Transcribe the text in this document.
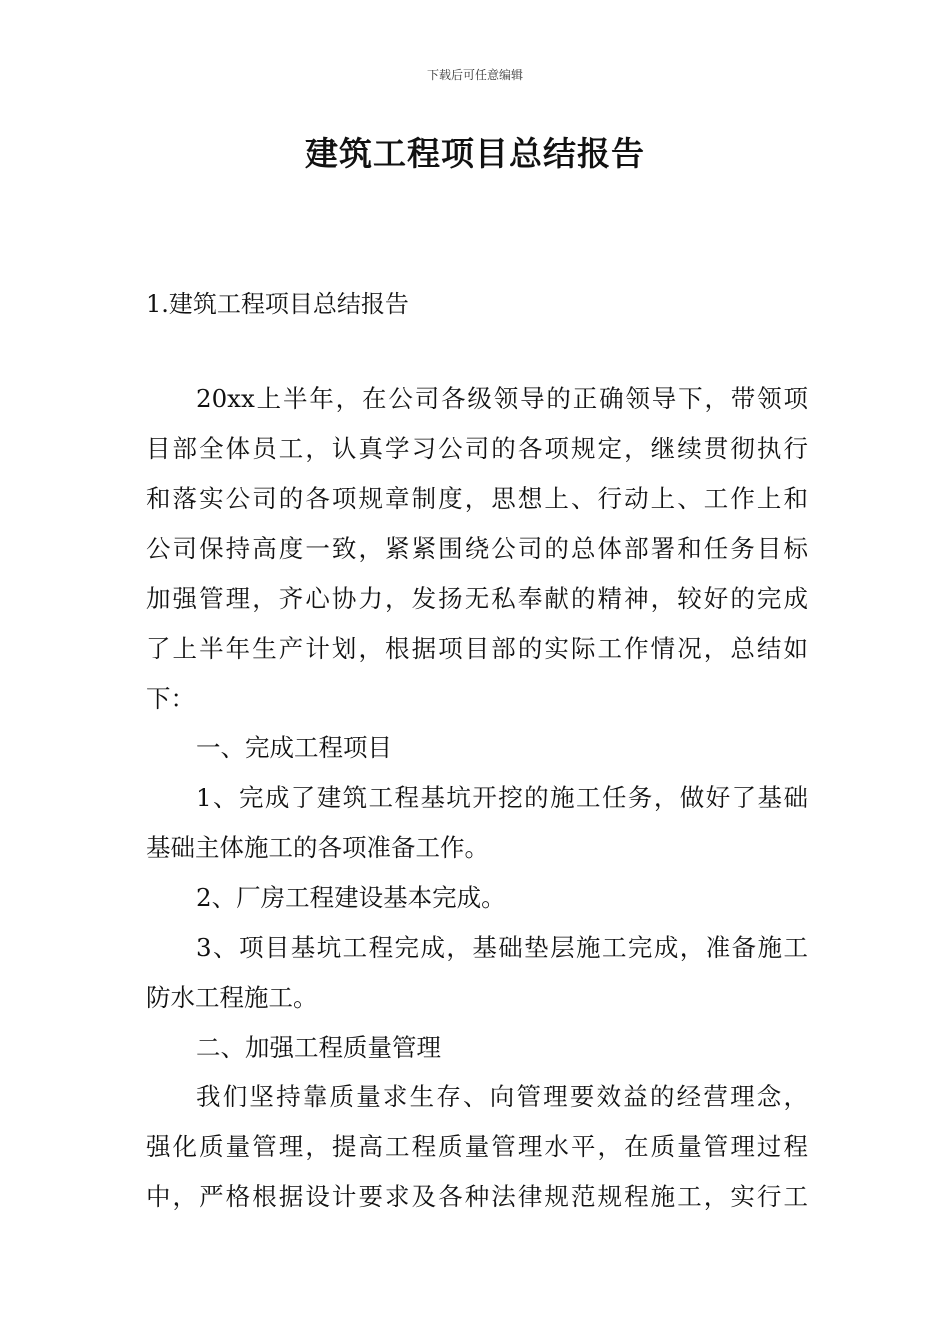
下载后可任意编辑
建筑工程项目总结报告
1.建筑工程项目总结报告
20xx上半年，在公司各级领导的正确领导下，带领项
目部全体员工，认真学习公司的各项规定，继续贯彻执行
和落实公司的各项规章制度，思想上、行动上、工作上和
公司保持高度一致，紧紧围绕公司的总体部署和任务目标
加强管理，齐心协力，发扬无私奉献的精神，较好的完成
了上半年生产计划，根据项目部的实际工作情况，总结如
下：
一、完成工程项目
1、完成了建筑工程基坑开挖的施工任务，做好了基础
基础主体施工的各项准备工作。
2、厂房工程建设基本完成。
3、项目基坑工程完成，基础垫层施工完成，准备施工
防水工程施工。
二、加强工程质量管理
我们坚持靠质量求生存、向管理要效益的经营理念，
强化质量管理，提高工程质量管理水平，在质量管理过程
中，严格根据设计要求及各种法律规范规程施工，实行工
